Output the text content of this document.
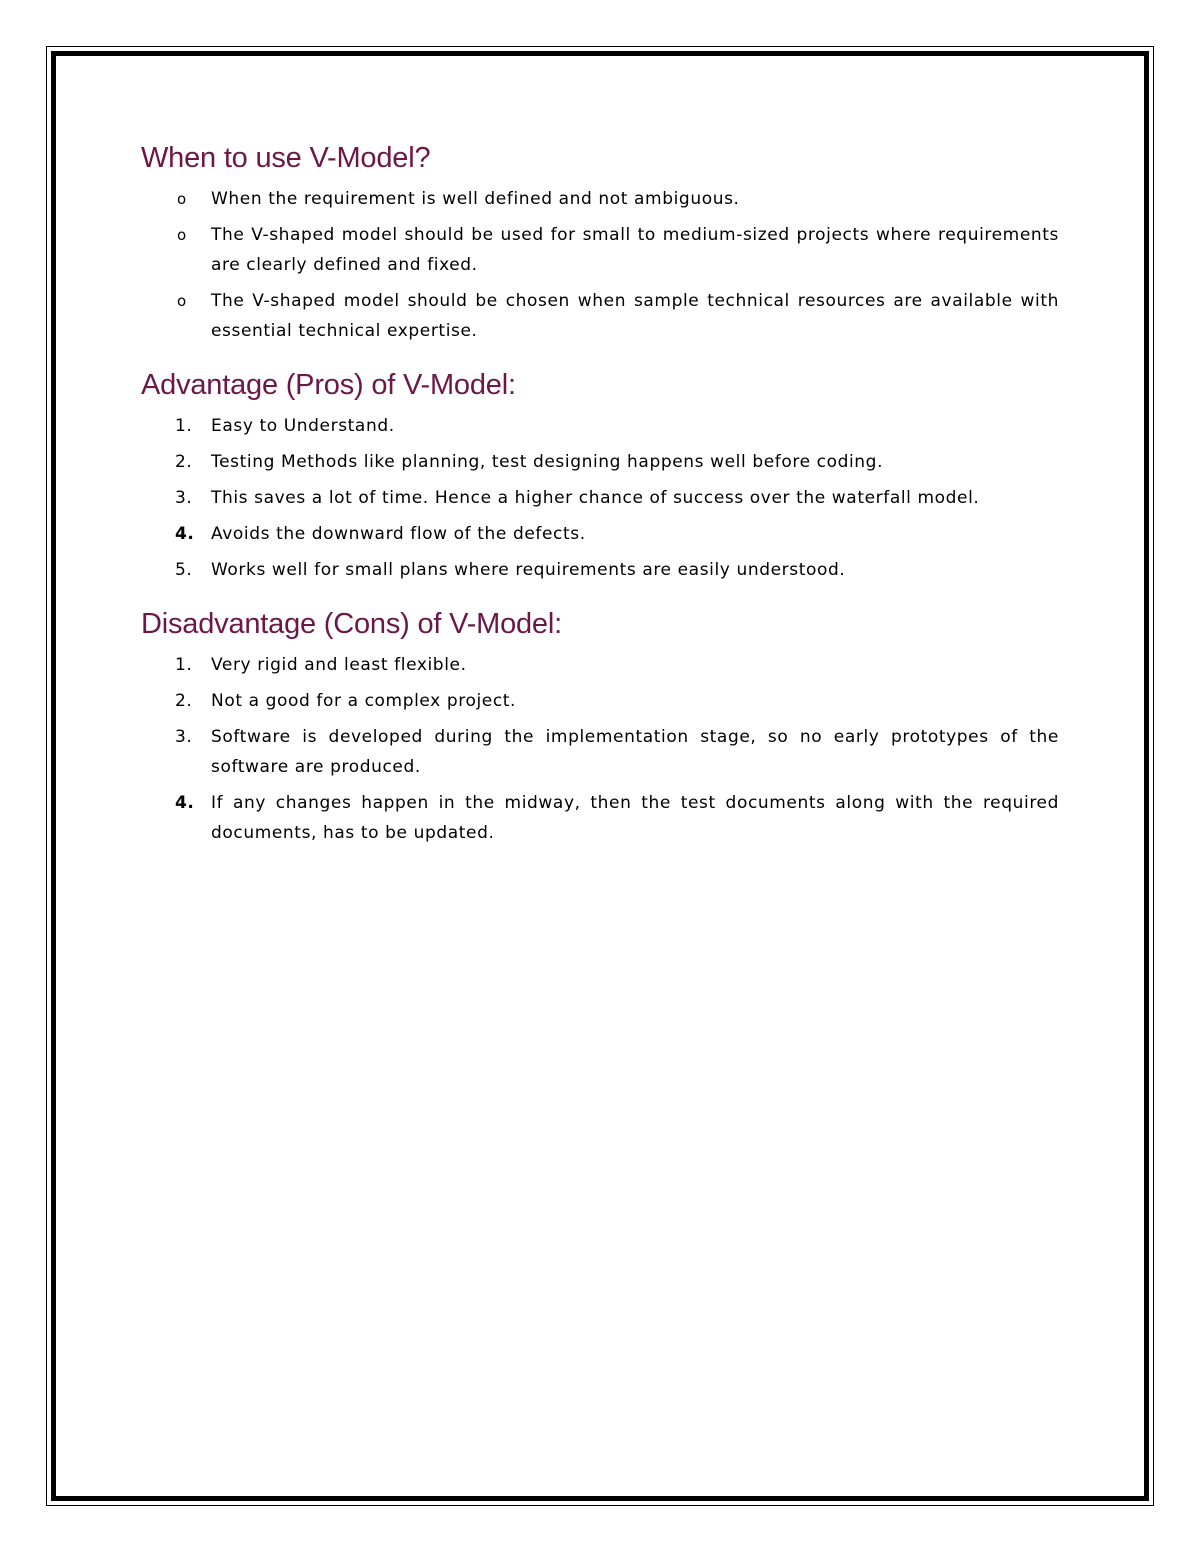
When to use V-Model?
o When the requirement is well defined and not ambiguous.
o The V-shaped model should be used for small to medium-sized projects where requirements are clearly defined and fixed.
o The V-shaped model should be chosen when sample technical resources are available with essential technical expertise.
Advantage (Pros) of V-Model:
1. Easy to Understand.
2. Testing Methods like planning, test designing happens well before coding.
3. This saves a lot of time. Hence a higher chance of success over the waterfall model.
4. Avoids the downward flow of the defects.
5. Works well for small plans where requirements are easily understood.
Disadvantage (Cons) of V-Model:
1. Very rigid and least flexible.
2. Not a good for a complex project.
3. Software is developed during the implementation stage, so no early prototypes of the software are produced.
4. If any changes happen in the midway, then the test documents along with the required documents, has to be updated.
